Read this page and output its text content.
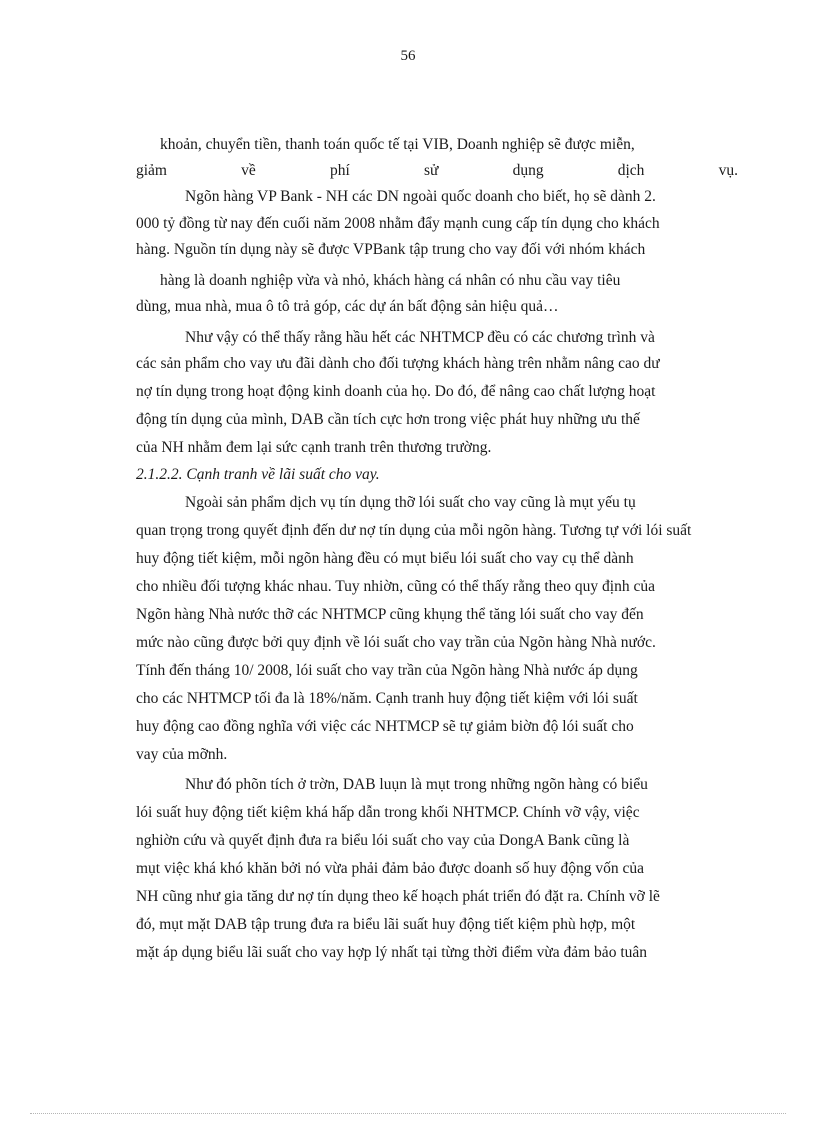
56
khoản, chuyển tiền, thanh toán quốc tế tại VIB, Doanh nghiệp sẽ được miễn,
giảm	về	phí	sử	dụng	dịch	vụ.
Ngõn hàng VP Bank - NH các DN ngoài quốc doanh cho biết, họ sẽ dành 2.
000 tỷ đồng từ nay đến cuối năm 2008 nhằm đẩy mạnh cung cấp tín dụng cho khách
hàng. Nguồn tín dụng này sẽ được VPBank tập trung cho vay đối với nhóm khách
hàng là doanh nghiệp vừa và nhỏ, khách hàng cá nhân có nhu cầu vay tiêu
dùng, mua nhà, mua ô tô trả góp, các dự án bất động sản hiệu quả…
Như vậy có thể thấy rằng hầu hết các NHTMCP đều có các chương trình và
các sản phẩm cho vay ưu đãi dành cho đối tượng khách hàng trên nhằm nâng cao dư
nợ tín dụng trong hoạt động kinh doanh của họ. Do đó, để nâng cao chất lượng hoạt
động tín dụng của mình, DAB cần tích cực hơn trong việc phát huy những ưu thế
của NH nhằm đem lại sức cạnh tranh trên thương trường.
2.1.2.2. Cạnh tranh về lãi suất cho vay.
Ngoài sản phẩm dịch vụ tín dụng thỡ lói suất cho vay cũng là mụt yếu tụ
quan trọng trong quyết định đến dư nợ tín dụng của mỗi ngõn hàng. Tương tự với lói suất
huy động tiết kiệm, mỗi ngõn hàng đều có mụt biểu lói suất cho vay cụ thể dành
cho nhiều đối tượng khác nhau. Tuy nhiờn, cũng có thể thấy rằng theo quy định của
Ngõn hàng Nhà nước thỡ các NHTMCP cũng khụng thể tăng lói suất cho vay đến
mức nào cũng được bởi quy định về lói suất cho vay trần của Ngõn hàng Nhà nước.
Tính đến tháng 10/ 2008, lói suất cho vay trần của Ngõn hàng Nhà nước áp dụng
cho các NHTMCP tối đa là 18%/năm. Cạnh tranh huy động tiết kiệm với lói suất
huy động cao đồng nghĩa với việc các NHTMCP sẽ tự giảm biờn độ lói suất cho
vay của mỡnh.
Như đó phõn tích ở trờn, DAB luụn là mụt trong những ngõn hàng có biểu
lói suất huy động tiết kiệm khá hấp dẫn trong khối NHTMCP. Chính vỡ vậy, việc
nghiờn cứu và quyết định đưa ra biểu lói suất cho vay của DongA Bank cũng là
mụt việc khá khó khăn bởi nó vừa phải đảm bảo được doanh số huy động vốn của
NH cũng như gia tăng dư nợ tín dụng theo kế hoạch phát triển đó đặt ra. Chính vỡ lẽ
đó, mụt mặt DAB tập trung đưa ra biểu lãi suất huy động tiết kiệm phù hợp, một
mặt áp dụng biểu lãi suất cho vay hợp lý nhất tại từng thời điểm vừa đảm bảo tuân
